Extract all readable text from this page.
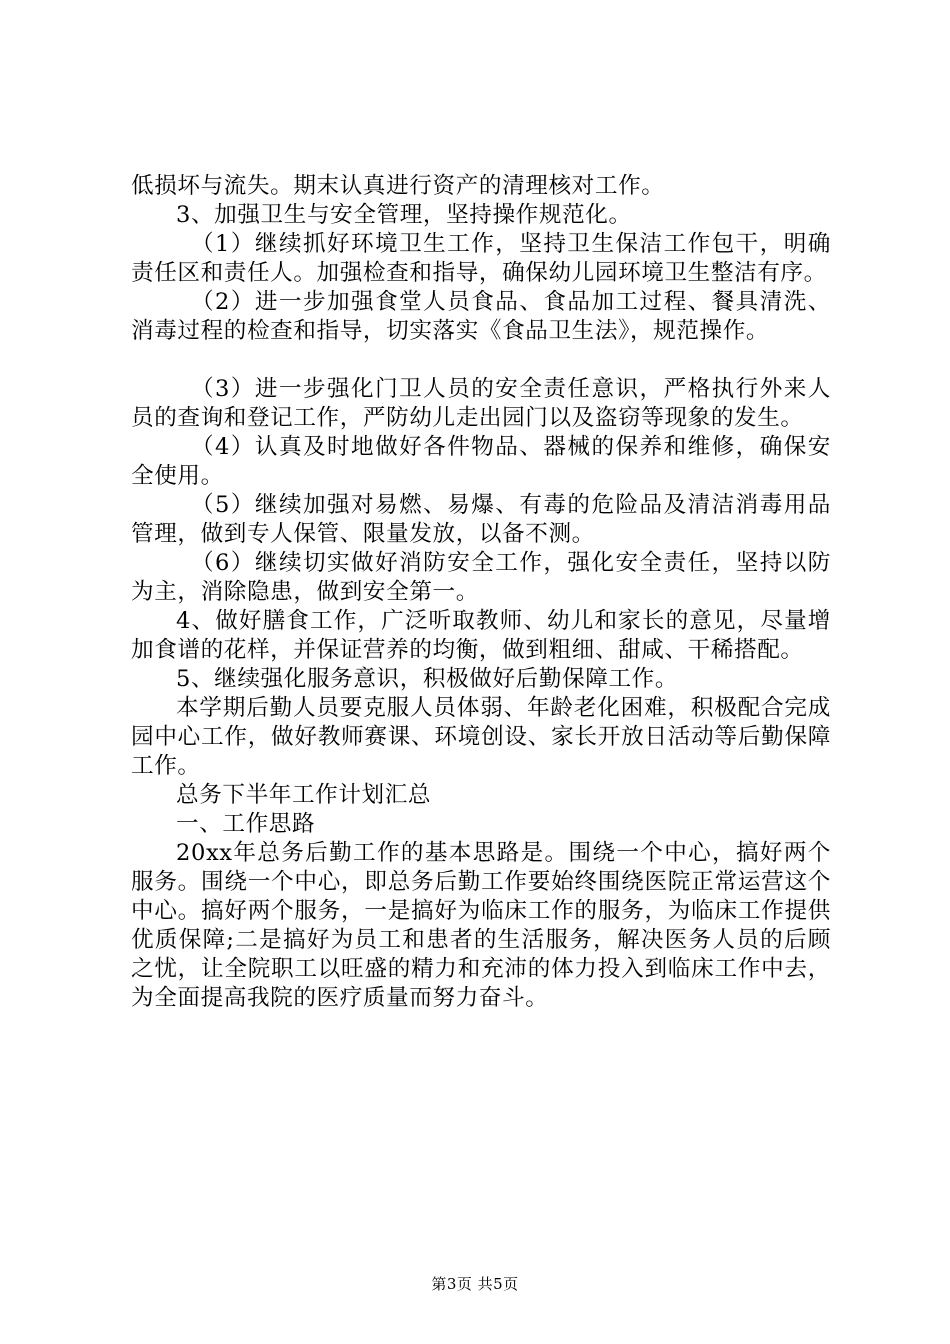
低损坏与流失。期末认真进行资产的清理核对工作。

3、加强卫生与安全管理，坚持操作规范化。

（1）继续抓好环境卫生工作，坚持卫生保洁工作包干，明确责任区和责任人。加强检查和指导，确保幼儿园环境卫生整洁有序。

（2）进一步加强食堂人员食品、食品加工过程、餐具清洗、消毒过程的检查和指导，切实落实《食品卫生法》，规范操作。

（3）进一步强化门卫人员的安全责任意识，严格执行外来人员的查询和登记工作，严防幼儿走出园门以及盗窃等现象的发生。

（4）认真及时地做好各件物品、器械的保养和维修，确保安全使用。

（5）继续加强对易燃、易爆、有毒的危险品及清洁消毒用品管理，做到专人保管、限量发放，以备不测。

（6）继续切实做好消防安全工作，强化安全责任，坚持以防为主，消除隐患，做到安全第一。

4、做好膳食工作，广泛听取教师、幼儿和家长的意见，尽量增加食谱的花样，并保证营养的均衡，做到粗细、甜咸、干稀搭配。

5、继续强化服务意识，积极做好后勤保障工作。

本学期后勤人员要克服人员体弱、年龄老化困难，积极配合完成园中心工作，做好教师赛课、环境创设、家长开放日活动等后勤保障工作。

总务下半年工作计划汇总

一、工作思路

20xx年总务后勤工作的基本思路是。围绕一个中心，搞好两个服务。围绕一个中心，即总务后勤工作要始终围绕医院正常运营这个中心。搞好两个服务，一是搞好为临床工作的服务，为临床工作提供优质保障;二是搞好为员工和患者的生活服务，解决医务人员的后顾之忧，让全院职工以旺盛的精力和充沛的体力投入到临床工作中去，为全面提高我院的医疗质量而努力奋斗。

第3页 共5页
